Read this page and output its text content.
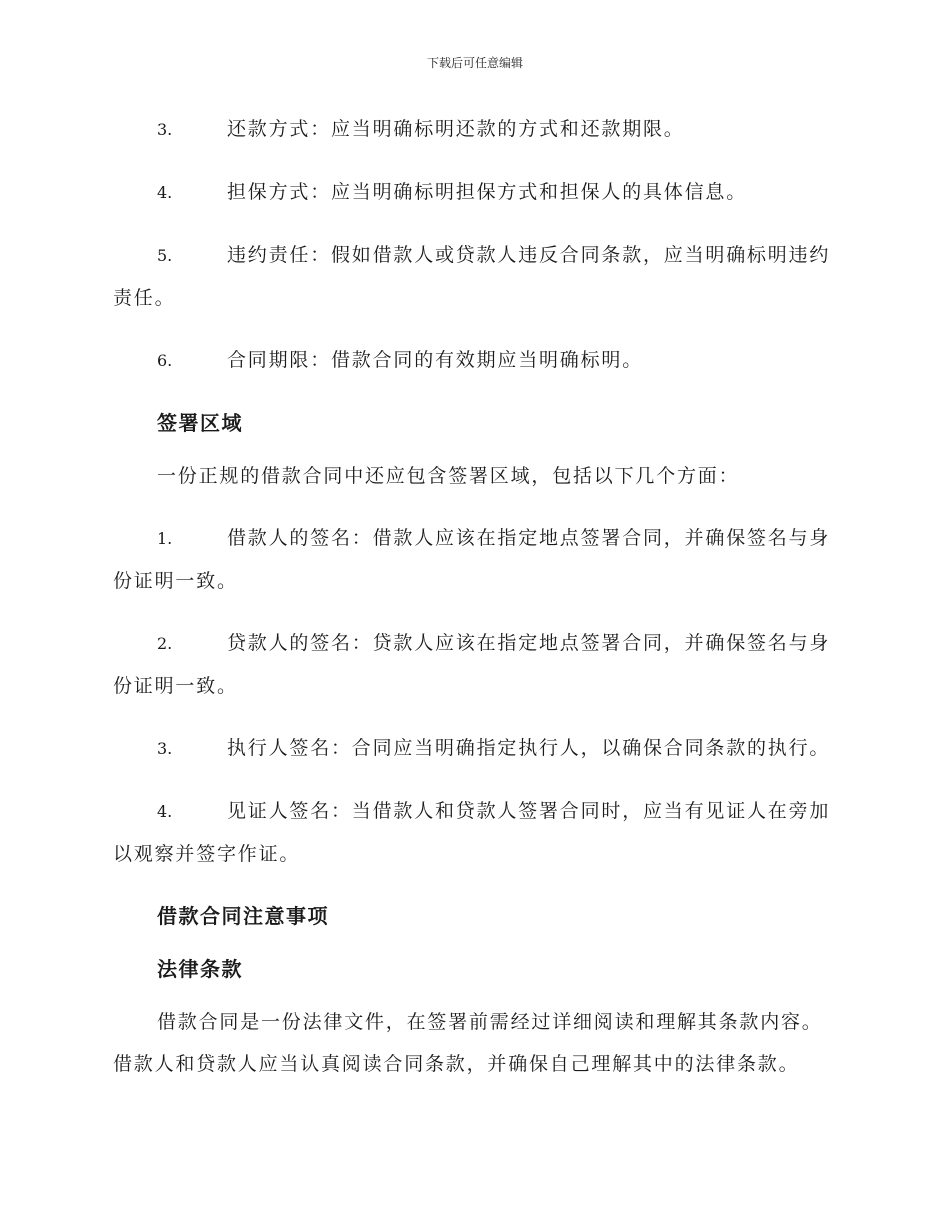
下载后可任意编辑
3.	还款方式：应当明确标明还款的方式和还款期限。
4.	担保方式：应当明确标明担保方式和担保人的具体信息。
5.	违约责任：假如借款人或贷款人违反合同条款，应当明确标明违约责任。
6.	合同期限：借款合同的有效期应当明确标明。
签署区域
一份正规的借款合同中还应包含签署区域，包括以下几个方面：
1.	借款人的签名：借款人应该在指定地点签署合同，并确保签名与身份证明一致。
2.	贷款人的签名：贷款人应该在指定地点签署合同，并确保签名与身份证明一致。
3.	执行人签名：合同应当明确指定执行人，以确保合同条款的执行。
4.	见证人签名：当借款人和贷款人签署合同时，应当有见证人在旁加以观察并签字作证。
借款合同注意事项
法律条款
借款合同是一份法律文件，在签署前需经过详细阅读和理解其条款内容。借款人和贷款人应当认真阅读合同条款，并确保自己理解其中的法律条款。
